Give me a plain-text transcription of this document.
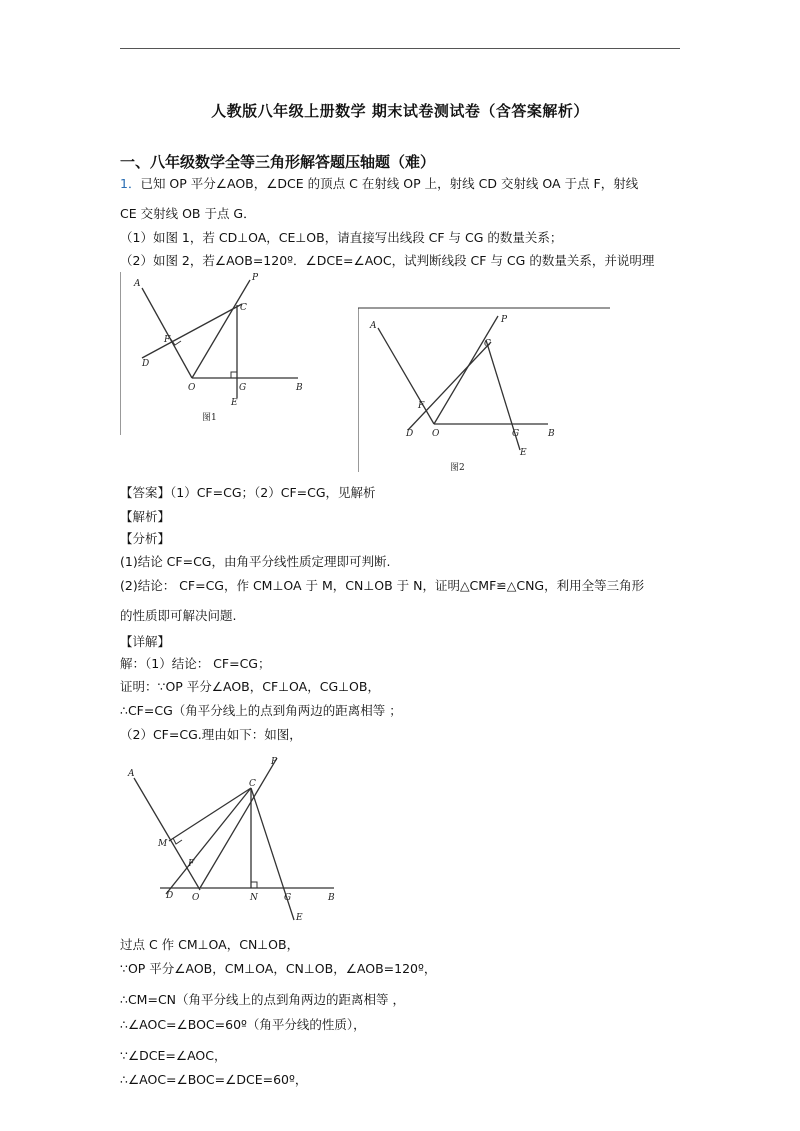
人教版八年级上册数学 期末试卷测试卷（含答案解析）
一、八年级数学全等三角形解答题压轴题（难）
1．已知 OP 平分∠AOB，∠DCE 的顶点 C 在射线 OP 上，射线 CD 交射线 OA 于点 F，射线
CE 交射线 OB 于点 G．
（1）如图 1，若 CD⊥OA，CE⊥OB，请直接写出线段 CF 与 CG 的数量关系；
（2）如图 2，若∠AOB=120º．∠DCE=∠AOC，试判断线段 CF 与 CG 的数量关系，并说明理
A
P
C
F
D
O	G	B
E
图1
A
P
C
F
D O	G	B
E
图2
【答案】（1）CF=CG；（2）CF=CG，见解析
【解析】
【分析】
(1)结论 CF=CG，由角平分线性质定理即可判断.
(2)结论： CF=CG，作 CM⊥OA 于 M，CN⊥OB 于 N，证明△CMF≌△CNG，利用全等三角形
的性质即可解决问题.
【详解】
解：（1）结论： CF=CG；
证明：∵OP 平分∠AOB，CF⊥OA，CG⊥OB，
∴CF=CG（角平分线上的点到角两边的距离相等 ；
（2）CF=CG.理由如下：如图，
A
P
C
M
F
D O	N	G	B
E
过点 C 作 CM⊥OA，CN⊥OB，
∵OP 平分∠AOB，CM⊥OA，CN⊥OB，∠AOB=120º，
∴CM=CN（角平分线上的点到角两边的距离相等 ，
∴∠AOC=∠BOC=60º（角平分线的性质），
∵∠DCE=∠AOC，
∴∠AOC=∠BOC=∠DCE=60º，
